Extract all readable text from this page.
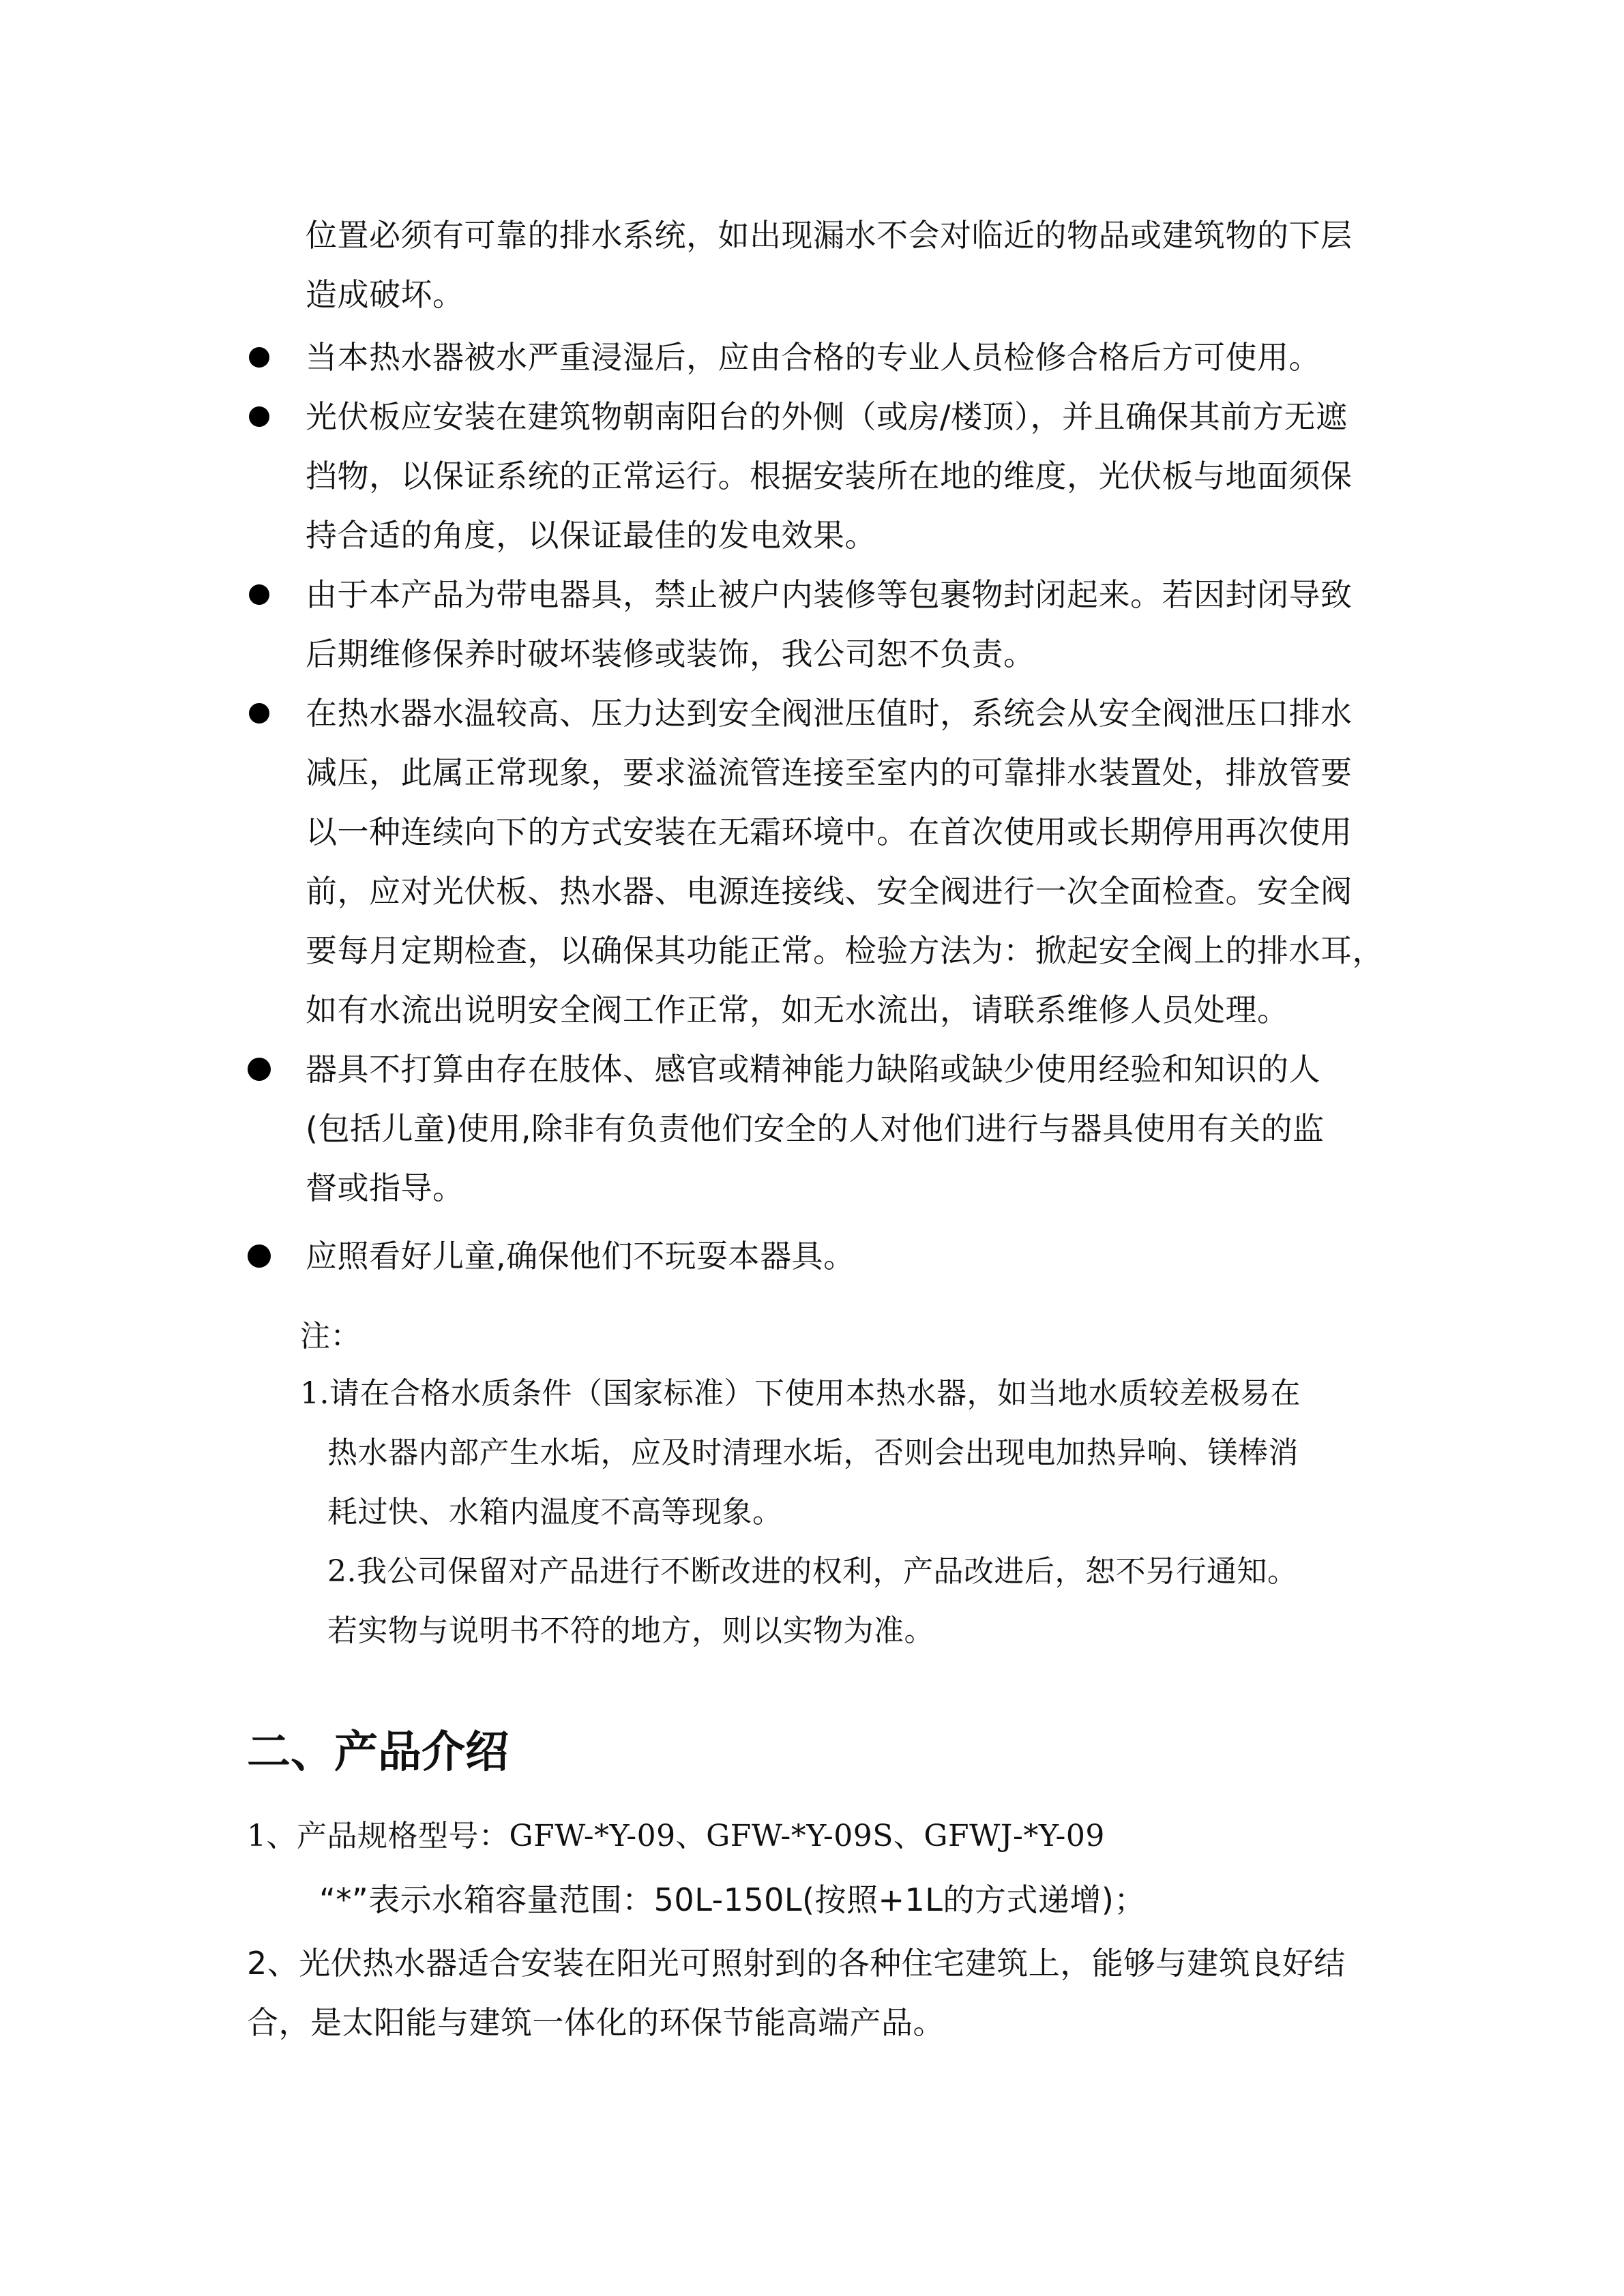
位置必须有可靠的排水系统，如出现漏水不会对临近的物品或建筑物的下层
造成破坏。
当本热水器被水严重浸湿后，应由合格的专业人员检修合格后方可使用。
光伏板应安装在建筑物朝南阳台的外侧（或房/楼顶），并且确保其前方无遮
挡物，以保证系统的正常运行。根据安装所在地的维度，光伏板与地面须保
持合适的角度，以保证最佳的发电效果。
由于本产品为带电器具，禁止被户内装修等包裹物封闭起来。若因封闭导致
后期维修保养时破坏装修或装饰，我公司恕不负责。
在热水器水温较高、压力达到安全阀泄压值时，系统会从安全阀泄压口排水
减压，此属正常现象，要求溢流管连接至室内的可靠排水装置处，排放管要
以一种连续向下的方式安装在无霜环境中。在首次使用或长期停用再次使用
前，应对光伏板、热水器、电源连接线、安全阀进行一次全面检查。安全阀
要每月定期检查，以确保其功能正常。检验方法为：掀起安全阀上的排水耳，
如有水流出说明安全阀工作正常，如无水流出，请联系维修人员处理。
器具不打算由存在肢体、感官或精神能力缺陷或缺少使用经验和知识的人
(包括儿童)使用,除非有负责他们安全的人对他们进行与器具使用有关的监
督或指导。
应照看好儿童,确保他们不玩耍本器具。
注：
1.请在合格水质条件（国家标准）下使用本热水器，如当地水质较差极易在
热水器内部产生水垢，应及时清理水垢，否则会出现电加热异响、镁棒消
耗过快、水箱内温度不高等现象。
2.我公司保留对产品进行不断改进的权利，产品改进后，恕不另行通知。
若实物与说明书不符的地方，则以实物为准。
二、产品介绍
1、产品规格型号：GFW-*Y-09、GFW-*Y-09S、GFWJ-*Y-09
“*”表示水箱容量范围：50L-150L(按照+1L的方式递增)；
2、光伏热水器适合安装在阳光可照射到的各种住宅建筑上，能够与建筑良好结
合，是太阳能与建筑一体化的环保节能高端产品。
